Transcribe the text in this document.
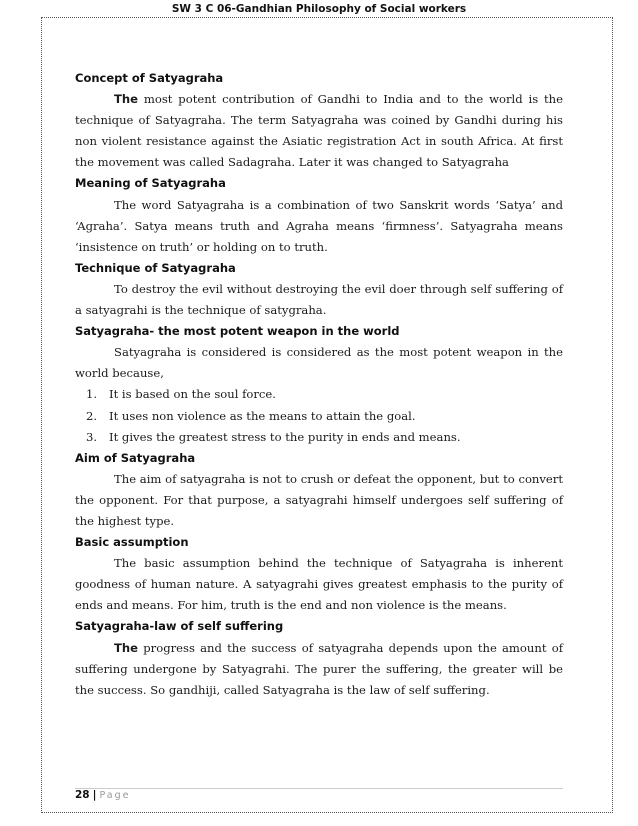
SW 3 C 06-Gandhian Philosophy of Social workers
Concept of Satyagraha

The most potent contribution of Gandhi to India and to the world is the technique of Satyagraha. The term Satyagraha was coined by Gandhi during his non violent resistance against the Asiatic registration Act in south Africa. At first the movement was called Sadagraha. Later it was changed to Satyagraha

Meaning of Satyagraha

The word Satyagraha is a combination of two Sanskrit words ‘Satya’ and ‘Agraha’. Satya means truth and Agraha means ‘firmness’. Satyagraha means ‘insistence on truth’ or holding on to truth.

Technique of Satyagraha

To destroy the evil without destroying the evil doer through self suffering of a satyagrahi is the technique of satygraha.

Satyagraha- the most potent weapon in the world

Satyagraha is considered is considered as the most potent weapon in the world because,

1. It is based on the soul force.
2. It uses non violence as the means to attain the goal.
3. It gives the greatest stress to the purity in ends and means.
Aim of Satyagraha

The aim of satyagraha is not to crush or defeat the opponent, but to convert the opponent. For that purpose, a satyagrahi himself undergoes self suffering of the highest type.

Basic assumption

The basic assumption behind the technique of Satyagraha is inherent goodness of human nature. A satyagrahi gives greatest emphasis to the purity of ends and means. For him, truth is the end and non violence is the means.

Satyagraha-law of self suffering

The progress and the success of satyagraha depends upon the amount of suffering undergone by Satyagrahi. The purer the suffering, the greater will be the success. So gandhiji, called Satyagraha is the law of self suffering.

28 | Page
